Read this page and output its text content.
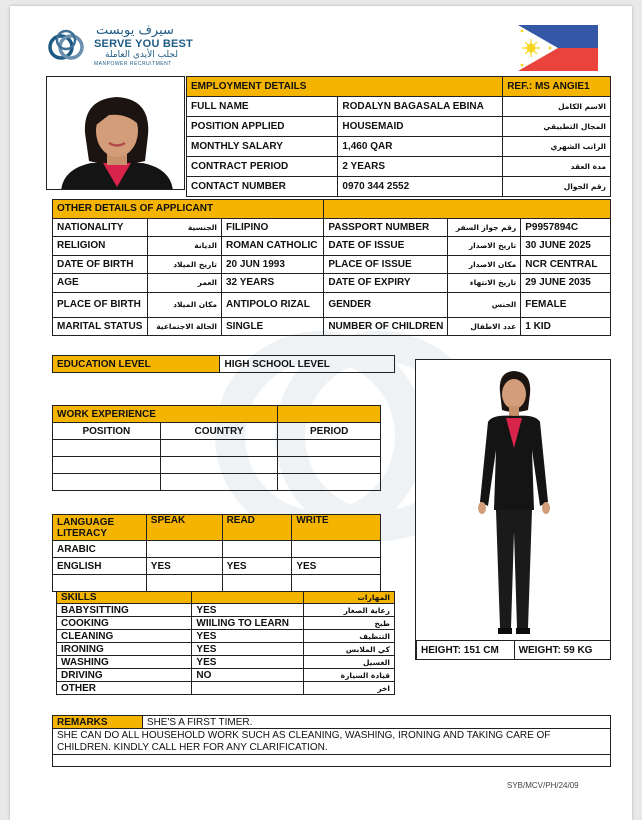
سيرف يوبست
SERVE YOU BEST
لجلب الأيدي العاملة
MANPOWER RECRUITMENT
EMPLOYMENT DETAILS		REF.: MS ANGIE1
FULL NAME	RODALYN BAGASALA EBINA	الاسم الكامل
POSITION APPLIED	HOUSEMAID	المجال التطبيقي
MONTHLY SALARY	1,460 QAR	الراتب الشهري
CONTRACT PERIOD	2 YEARS	مدة العقد
CONTACT NUMBER	0970 344 2552	رقم الجوال
OTHER DETAILS OF APPLICANT					
NATIONALITY	الجنسية	FILIPINO	PASSPORT NUMBER	رقم جواز السفر	P9957894C
RELIGION	الديانة	ROMAN CATHOLIC	DATE OF ISSUE	تاريخ الاصدار	30 JUNE 2025
DATE OF BIRTH	تاريخ الميلاد	20 JUN 1993	PLACE OF ISSUE	مكان الاصدار	NCR CENTRAL
AGE	العمر	32 YEARS	DATE OF EXPIRY	تاريخ الانتهاء	29 JUNE 2035
PLACE OF BIRTH	مكان الميلاد	ANTIPOLO RIZAL	GENDER	الجنس	FEMALE
MARITAL STATUS	الحالة الاجتماعية	SINGLE	NUMBER OF CHILDREN	عدد الاطفال	1 KID
EDUCATION LEVEL	HIGH SCHOOL LEVEL
WORK EXPERIENCE		
POSITION	COUNTRY	PERIOD

LANGUAGE LITERACY	SPEAK	READ	WRITE
ARABIC			
ENGLISH	YES	YES	YES

SKILLS		المهارات
BABYSITTING	YES	رعاية الصغار
COOKING	WIILING TO LEARN	طبخ
CLEANING	YES	التنظيف
IRONING	YES	كي الملابس
WASHING	YES	الغسيل
DRIVING	NO	قيادة السيارة
OTHER		اخر
HEIGHT: 151 CM	WEIGHT: 59 KG
REMARKS	SHE'S A FIRST TIMER.
SHE CAN DO ALL HOUSEHOLD WORK SUCH AS CLEANING, WASHING, IRONING AND TAKING CARE OF CHILDREN. KINDLY CALL HER FOR ANY CLARIFICATION.

SYB/MCV/PH/24/09
